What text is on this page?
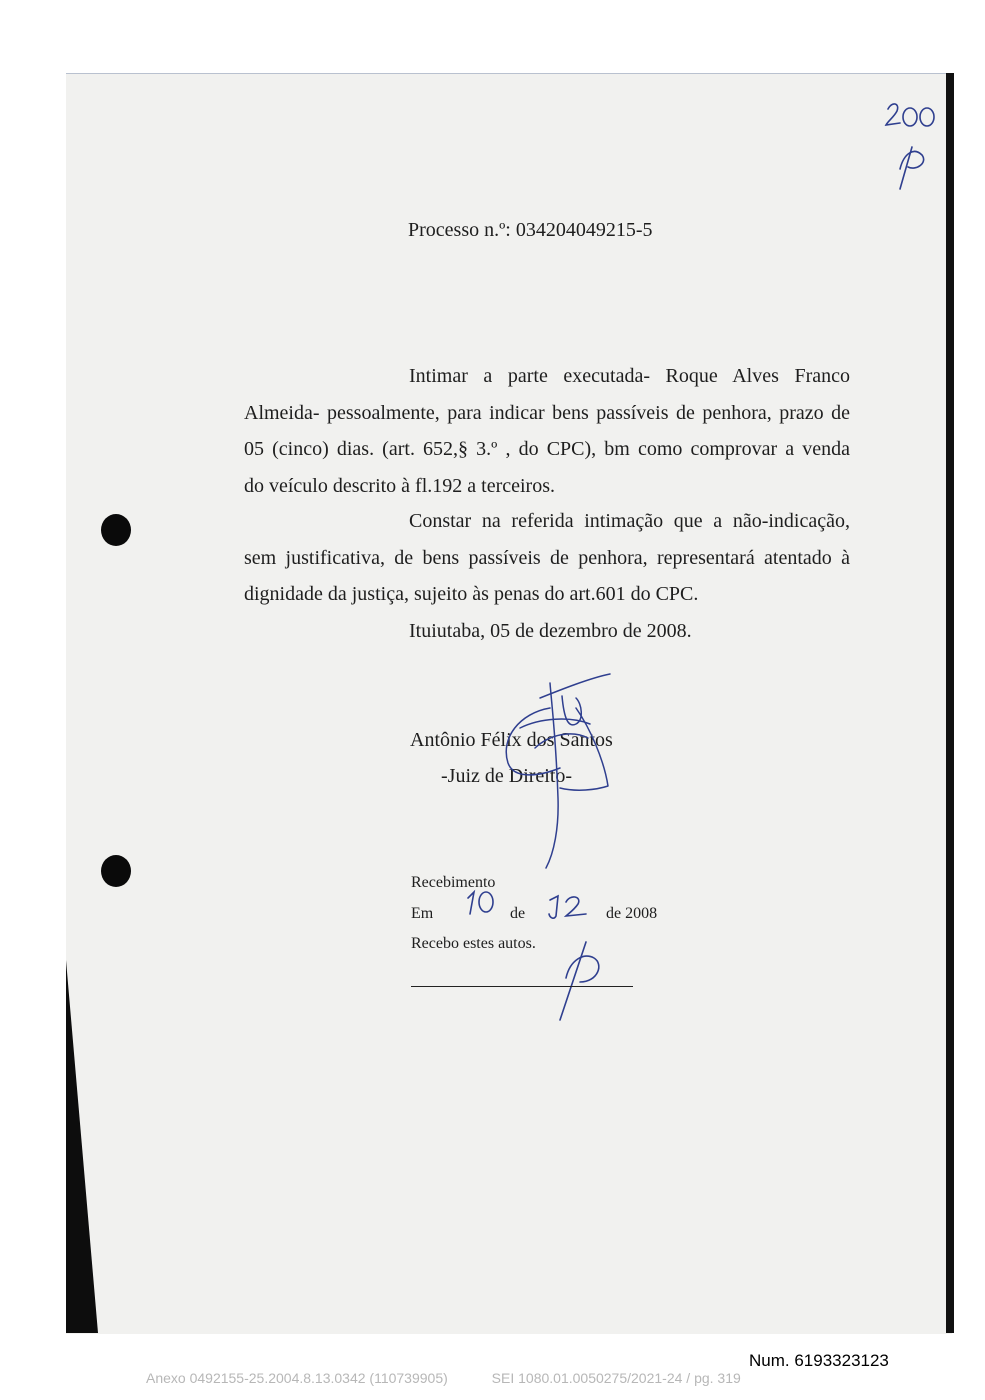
Processo n.º: 034204049215-5
Intimar a parte executada- Roque Alves Franco
Almeida- pessoalmente, para indicar bens passíveis de penhora, prazo de
05 (cinco) dias. (art. 652,§ 3.º , do CPC), bm como comprovar a venda
do veículo descrito à fl.192 a terceiros.
Constar na referida intimação que a não-indicação,
sem justificativa, de bens passíveis de penhora, representará atentado à
dignidade da justiça, sujeito às penas do art.601 do CPC.
Ituiutaba, 05 de dezembro de 2008.
Antônio Félix dos Santos
-Juiz de Direito-
Recebimento
Em	de	de 2008
Recebo estes autos.
Num. 6193323123
Anexo 0492155-25.2004.8.13.0342 (110739905)	SEI 1080.01.0050275/2021-24 / pg. 319
